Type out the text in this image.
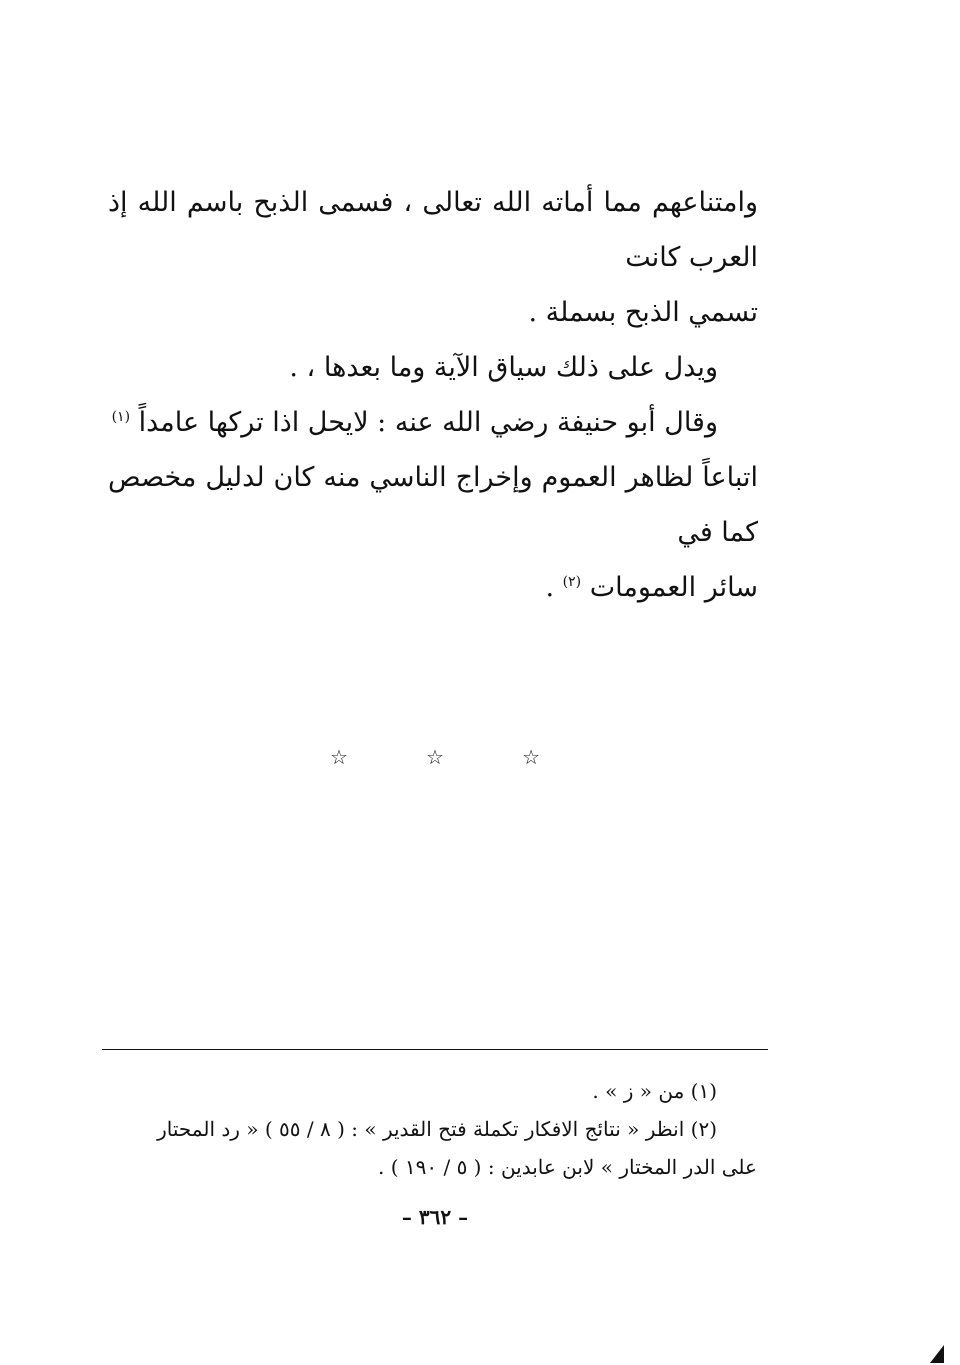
وامتناعهم مما أماته الله تعالى ، فسمى الذبح باسم الله إذ العرب كانت

تسمي الذبح بسملة .

ويدل على ذلك سياق الآية وما بعدها ، .

وقال أبو حنيفة رضي الله عنه : لايحل اذا تركها عامداً $^{(١)}$

اتباعاً لظاهر العموم وإخراج الناسي منه كان لدليل مخصص كما في

سائر العمومات $^{(٢)}$ .

☆	☆	☆

(١) من « ز » .

(٢) انظر « نتائج الافكار تكملة فتح القدير » : ( ٨ / ٥٥ ) « رد المحتار

على الدر المختار » لابن عابدين : ( ٥ / ١٩٠ ) .

– ٣٦٢ –
